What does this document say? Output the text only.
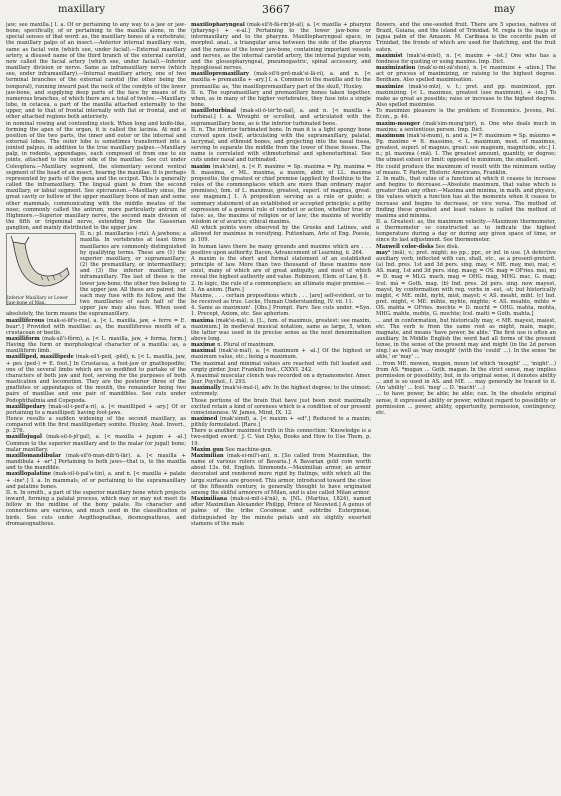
maxillary	3667	may

jaw; see maxilla.] I. a. Of or pertaining to any way to a jaw or jaw-bone; specifically, of or pertaining to the maxilla alone, in the special senses of that word: as, the maxillary bones of a vertebrate; the maxillary palps of an insect.—Anterior internal maxillary vein, same as facial vein (which see, under facial).—External maxillary artery, a disused name of the third branch of the external carotid, now called the facial artery (which see, under facial).—Inferior maxillary division or nerve. Same as inframaxillary nerve (which see, under inframaxillary).—Internal maxillary artery, one of two terminal branches of the external carotid (the other being the temporal), running inward past the neck of the condyle of the lower jaw-bone, and supplying deep parts of the face by means of its numerous branches, of which there are a total of twelve.—Maxillary lobe, in cetacea, a part of the maxilla attached externally to the upper, and to that of frontal internally with flat or frontal, and of other attached regions both anteriorly.

in nominal rowing and contending stock. When long and knife-like, forming the apex of the organ, it is called the lacinia. At mid a position of the two parts, the inner and outer or the internal and external lobes. The outer lobe is sometimes transformed into a jointed palpus, in addition to the true maxillary palpus.—Maxillary palp, in rodents, appendages, each composed of from one to six joints, attached to the outer side of the maxillae. See cut under Coleoptera.—Maxillary segment, the elementary second ventral segment of the head of an insect, bearing the maxillae. It is perhaps represented by parts of the gena and the occiput. This is generally called the inframaxillary. The lingual giant is from the second maxillary, or labial segment. See epicranium.—Maxillary sinus, the great cavity or hollow of the upper maxillary bone of man and some other mammals, communicating with the middle meatus of the nose; commonly called the antrum, more particularly antrum of Highmore.—Superior maxillary nerve, the second main division of the fifth or trigeminal nerve, extending from the Gasserian ganglion, and mainly distributed to the upper jaw.

Inferior Maxillary or Lower Jaw-bone of Man.
II. n.; pl. maxillaries (-riz). A jawbone; a maxilla. In vertebrates at least three maxillaries are commonly distinguished by qualifying terms. These are (1) the superior maxillary, or supramaxillary; (2) the premaxillary, or intermaxillary; and (3) the inferior maxillary, or inframaxillary. The last of these is the lower jaw-bone; the other two belong to the upper jaw. All these are paired; but each may fuse with its fellow, and the two maxillaries of each half of the upper jaw may also fuse. When used absolutely, the term means the supramaxillary.

maxilliferous (mak-si-lif'e-rus), a. [< L. maxilla, jaw, + ferre = E. bear¹.] Provided with maxillae: as, the maxilliferous mouth of a crustacean or beetle.

maxilliform (mak-sil'i-fôrm), a. [< L. maxilla, jaw, + forma, form.] Having the form or morphological character of a maxilla: as, a maxilliform limb.

maxilliped, maxillipede (mak-sil'i-ped, -pēd), n. [< L. maxilla, jaw, + pes (ped-) = E. foot.] In Crustacea, a foot-jaw or gnathopodite; one of the several limbs which are so modified to partake of the characters of both jaw and foot, serving for the purposes of both mastication and locomotion. They are the posterior three of the gnathites or appendages of the mouth, the remainder being two pairs of maxillae and one pair of mandibles. See cuts under Podophthalmia and Copepoda.

maxillipedary (mak-sil-i-ped'a-ri), a. [< maxilliped + -ary.] Of or pertaining to a maxilliped; having foot-jaws.

Hence results a sudden widening of the second maxillary, as compared with the first maxillipedary somite. Huxley, Anat. Invert., p. 276.

maxillojugal (mak-sil-ō-jö'gal), a. [< maxilla + jugum + -al.] Common to the superior maxillary and to the malar (or jugal) bone; malar maxillary.

maxillomandibular (mak-sil'ō-man-dib'ū-lär), a. [< maxilla + mandibula + -ar³.] Pertaining to both jaws—that is, to the maxilla and to the mandible.

maxillopalatine (mak-sil-ō-pal'a-tin), a. and n. [< maxilla + palate + -ine¹.] I. a. In mammals, of or pertaining to the supramaxillary and palatine bones.

II. n. In ornith., a part of the superior maxillary bone which projects inward, forming a palatal process, which may or may not meet its fellow in the midline of the bony palate. Its character and connections are various, and much used in the classification of birds. See cuts under Aegithognathae, desmognathous, and dromaeognathous.

maxillopharyngeal (mak-sil'ō-fā-rin'jē-al), a. [< maxilla + pharynx (pharyng-) + -e-al.] Pertaining to the lower jaw-bone or intermaxillary and to the pharynx. Maxillopharyngeal space, in morphol. anat., a triangular area between the side of the pharynx and the ramus of the lower jaw-bone, containing important vessels and nerves, as the internal carotid artery, the internal jugular vein, and the glossopharyngeal, pneumogastric, spinal accessory, and hypoglossal nerves.

maxillopremaxillary (mak-sil'ō-prē-mak'si-lā-ri), a. and n. [< maxilla + premaxilla + -ary.] I. a. Common to the maxilla and to the premaxilla: as, 'the maxillopremaxillary part of the skull,' Huxley.

II. n. The supramaxillary and premaxillary bones taken together, when, as in many of the higher vertebrates, they fuse into a single bone.

maxilloturbinal (mak-sil-ō-tėr'bi-nal), a. and n. [< maxilla + turbinal.] I. a. Wrought or scrolled, and articulated with the supramaxillary bone, as is the inferior turbinated bone.

II. n. The inferior turbinated bone. In man it is a light spongy bone curved upon itself, articulating with the supramaxillary, palatal, lacrymal, and ethmoid bones, and projecting into the nasal fossa, serving to separate the middle from the lower of these fosses. The name is correlated with ethmoturbinal and sphenoturbinal. See cuts under nasal and turbinated.

maxim (mak'sim), n. [< F. maxime = Sp. maxima = Pg. maxima = It. massima, < ML. maxima, a maxim, abbr. of LL. maxima propositio, the greatest or chief premise (applied by Boethius to the rules of the commonplaces which are more than ordinary major premises), fem. of L. maximus, greatest, superl. of magnus, great: see magnum.] 1. A proposition serving as a rule or guide; a summary statement of an established or accepted principle; a pithy expression of a general rule of conduct or action, whether true or false: as, the maxims of religion or of law; the maxims of worldly wisdom or of avarice; ethical maxims.

All which points were observed by the Greeks and Latines, and allowed for maximes in versifying. Puttenham, Arte of Eng. Poesie, p. 109.

In human laws there be many grounds and maxims which are . . . positive upon authority. Bacon, Advancement of Learning, ii. 264.

A maxim is the short and formal statement of an established principle of law. More than two thousand of these maxims now exist, many of which are of great antiquity, and most of which reveal the highest authority and value. Robinson, Elem. of Law, § 8.

2. In logic, the rule of a commonplace; an ultimate major premise.—3. An axiom. [Rare.]

Maxims, . . . certain propositions which . . . [are] self-evident, or to be received as true. Locke, Human Understanding, IV. vii. 11.

4. Same as maximum¹. [Obs.] Prompt. Parv. See cuts under. =Syn. 1. Precept, Axiom, etc. See aphorism.

maxima (mak'si-mä), n. [L., fem. of maximus, greatest: see maxim, maximum.] In medieval musical notation, same as large, 5, when the latter was used in its precise sense as the next denomination above long.

maximæ n. Plural of maximum.

maximal (mak'si-mal), a. [< maximum + -al.] Of the highest or maximum value, etc.; being a maximum.

The maximal and minimal values are reached with full loaded and empty girder. Jour. Franklin Inst., CXXVI. 242.

A maximal muscular clench was recorded on a dynamometer. Amer. Jour. Psychol., I. 293.

maximally (mak'si-mal-i), adv. In the highest degree; to the utmost; extremely.

Those portions of the brain that have just been most maximally excited retain a kind of soreness which is a condition of our present consciousness. W. James, Mind, IX. 12.

maximed (mak'simd), a. [< maxim + -ed².] Reduced to a maxim; pithily formulated. [Rare.]

There is another maximed truth in this connection: 'Knowledge is a two-edged sword.' J. C. Van Dyke, Books and How to Use Them, p. 19.

Maxim gun See machine-gun.

Maximilian (mak-si-mil'i-an), n. [So called from Maximilian, the name of various rulers of Bavaria.] A Bavarian gold coin worth about 13s. 6d. English. Simmonds.—Maximilian armor, an armor decorated and rendered more rigid by flutings, with which all the large surfaces are grooved. This armor, introduced toward the close of the fifteenth century, is generally thought to have originated among the skilful armorers of Milan, and is also called Milan armor.

Maximiliana (mak-si-mil-i-ä'nä), n. [NL. (Martius, 1824), named after Maximilian Alexander Philipp, Prince of Neuwied.] A genus of palms of the tribe Cocoineæ and subtribe Euterpineæ, distinguished by the minute petals and six slightly exserted stamens of the male

flowers, and the one-seeded fruit. There are 5 species, natives of Brazil, Guiana, and the island of Trinidad. M. regia is the inaja or jagua palm of the Amazon. M. Caribaea is the cocorite palm of Trinidad, the fronds of which are used for thatching, and the fruit eaten.

maximist (mak'si-mist), n. [< maxim + -ist.] One who has a fondness for quoting or using maxims. Imp. Dict.

maximization (mak'si-mi-zā'shon), n. [< maximize + -ation.] The act or process of maximizing, or raising to the highest degree. Bentham. Also spelled maximisation.

maximize (mak'si-mīz), v. t.; pret. and pp. maximized, ppr. maximizing. [< L. maximus, greatest (see maximum), + -ize.] To make as great as possible; raise or increase to the highest degree. Also spelled maximise.

To maximize pleasure is the problem of Economics. Jevons, Pol. Econ., p. 44.

maxim-monger (mak'sim-mung'gėr), n. One who deals much in maxims; a sententious person. Imp. Dict.

maximum (mak'si-mum), n. and a. [= F. maximum = Sp. máximo = Pg. maximo = It. massimo, < L. maximum, neut. of maximus, greatest, superl. of magnus, great: see magnum, magnitude, etc.] I. n.; pl. maxima (-mä). 1. The greatest amount, quantity, or degree; the utmost extent or limit: opposed to minimum, the smallest.

He could produce the maximum of result with the minimum outlay of means. T. Parker, Historic Americans, Franklin.

2. In math., that value of a function at which it ceases to increase and begins to decrease.—Absolute maximum, that value which is greater than any other.—Maxima and minima, in math. and physics, the values which a function has at the moments when it ceases to increase and begins to decrease, or vice versa. The method of finding these greatest and least values is called the method of maxima and minima.

II. a. Greatest: as, the maximum velocity.—Maximum thermometer, a thermometer so constructed as to indicate the highest temperature during a day or during any given space of time, or since its last adjustment. See thermometer.

Maxwell color-disks See disk.

may¹ (mā), v.; pret. might; no pp.; ppr., or inf. in use. [A defective auxiliary verb, inflected with can, shall, etc., as a present-preterit. (a) Ind. pres. 1st and 3d pers. sing. may, < ME. may, mei, mai; < AS. mæg, 1st and 3d pers. sing. maeg; = OS. mag = OFries. mei, mi = D. mag = MLG. mach, mag = OHG. mag, MHG. mac, G. mag; Icel. má = Goth. mag. (b) Ind. pres. 2d pers. sing. now mayest, mayst, by conformation with reg. verbs in -est, -st; but historically might, < ME. miht, myht, mist, mayst; < AS. meaht, miht. (c) Ind. pret. might, < ME. mihte, myhte, mighte; < AS. meahte, mihte = OS. mahta = OFries. mochte = D. mocht = OHG. mahta, mohta, MHG. mahte, mohte, G. mochte; Icel. matti = Goth. mahta.]

... and in conformation, but historically may, < ME. mayest, maiest, etc. The verb is from the same root as might, main, magic, magnate, and means 'have power, be able.' The first use is often an auxiliary. In Middle English the word had all forms of the present tense, in the sense of the present may and might (in the 2d person sing.) as well as 'may mought' (with the 'could' ...). In the sense 'be able,' or 'may' ...

... from ME. mowen, mugen, moun (of which 'mought' ..., 'might'...) from AS. *mugan ... Goth. magan. In the strict sense, may implies permission or possibility; but, in its original sense, it denotes ability ... and is so used in AS. and ME. ... may generally be traced to it. (An 'ability' ... Icel. 'meg' ... D. 'macht' ...)

... to have power, be able; be able; can. In the obsolete original sense, it expressed ability or power, without regard to possibility or permission ... power, ability, opportunity, permission, contingency, etc.
